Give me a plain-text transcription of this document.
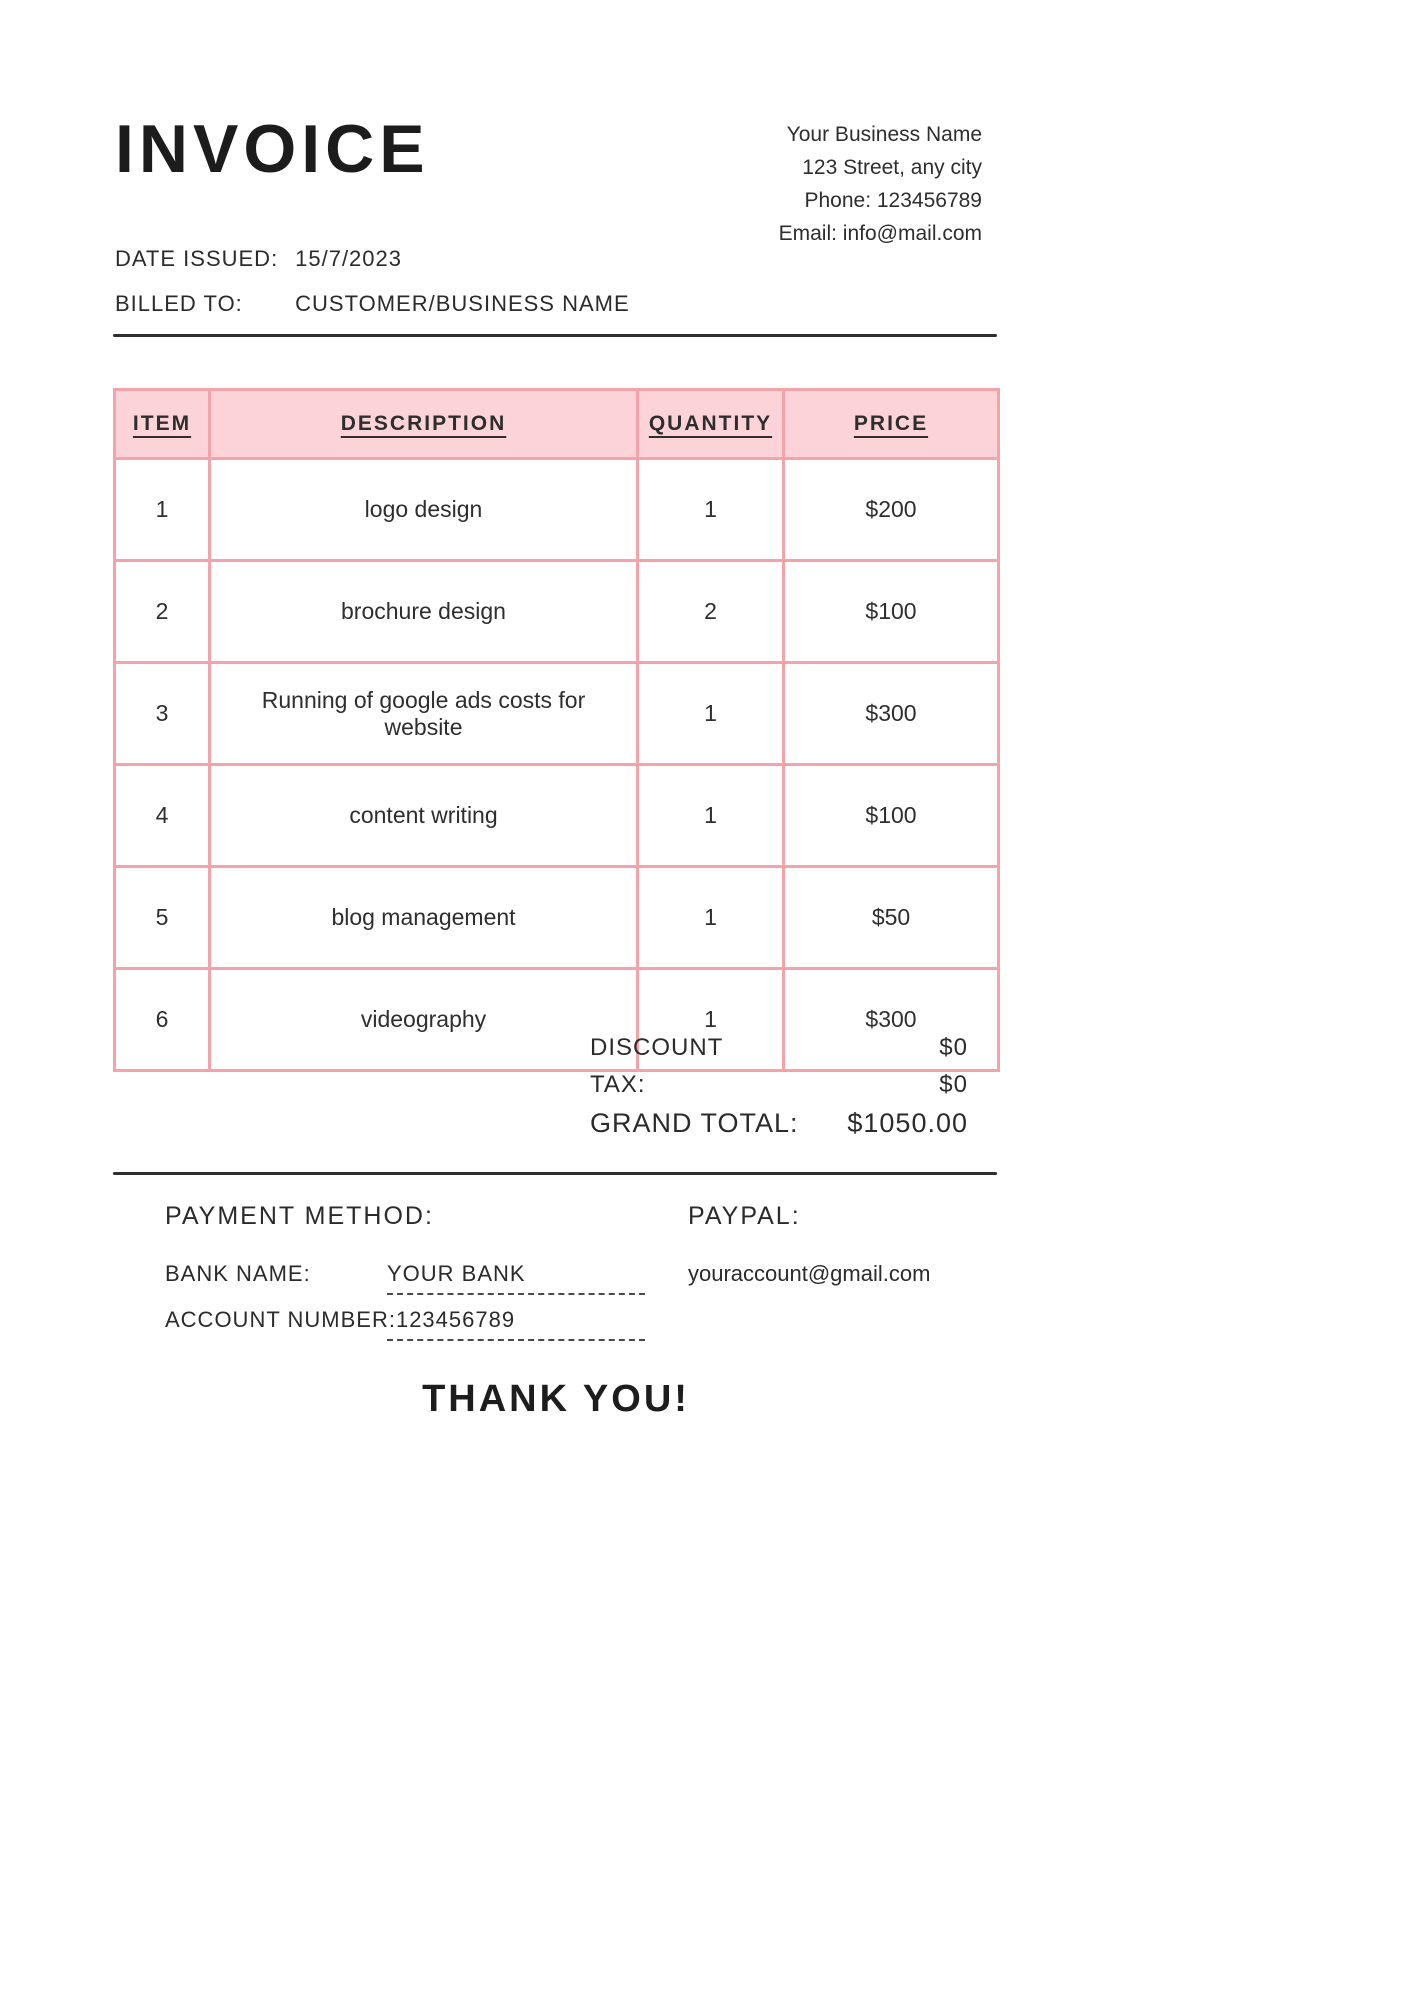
INVOICE	Your Business Name
123 Street, any city
Phone: 123456789
Email: info@mail.com
DATE ISSUED: 15/7/2023
BILLED TO: CUSTOMER/BUSINESS NAME
ITEM	DESCRIPTION	QUANTITY	PRICE
1	logo design	1	$200
2	brochure design	2	$100
3	Running of google ads costs for website	1	$300
4	content writing	1	$100
5	blog management	1	$50
6	videography	1	$300
DISCOUNT	$0
TAX:	$0
GRAND TOTAL: $1050.00
PAYMENT METHOD:
BANK NAME:	YOUR BANK
ACCOUNT NUMBER: 123456789
PAYPAL:
youraccount@gmail.com
THANK YOU!
